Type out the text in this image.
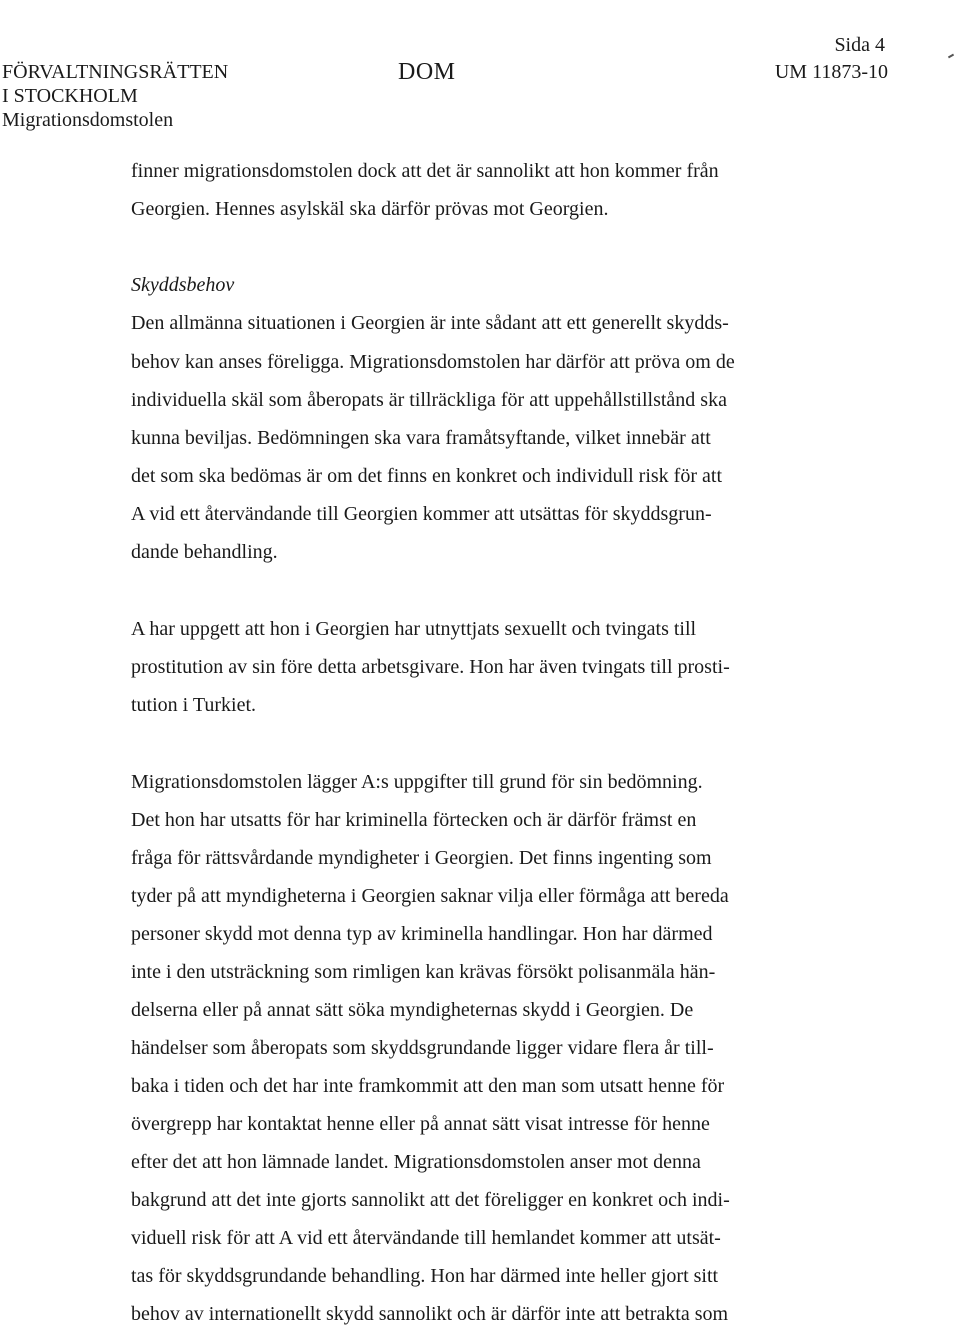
FÖRVALTNINGSRÄTTEN
I STOCKHOLM
Migrationsdomstolen
DOM
Sida 4
UM 11873-10
finner migrationsdomstolen dock att det är sannolikt att hon kommer från
Georgien. Hennes asylskäl ska därför prövas mot Georgien.
Skyddsbehov
Den allmänna situationen i Georgien är inte sådant att ett generellt skydds-
behov kan anses föreligga. Migrationsdomstolen har därför att pröva om de
individuella skäl som åberopats är tillräckliga för att uppehållstillstånd ska
kunna beviljas. Bedömningen ska vara framåtsyftande, vilket innebär att
det som ska bedömas är om det finns en konkret och individull risk för att
A vid ett återvändande till Georgien kommer att utsättas för skyddsgrun-
dande behandling.
A har uppgett att hon i Georgien har utnyttjats sexuellt och tvingats till
prostitution av sin före detta arbetsgivare. Hon har även tvingats till prosti-
tution i Turkiet.
Migrationsdomstolen lägger A:s uppgifter till grund för sin bedömning.
Det hon har utsatts för har kriminella förtecken och är därför främst en
fråga för rättsvårdande myndigheter i Georgien. Det finns ingenting som
tyder på att myndigheterna i Georgien saknar vilja eller förmåga att bereda
personer skydd mot denna typ av kriminella handlingar. Hon har därmed
inte i den utsträckning som rimligen kan krävas försökt polisanmäla hän-
delserna eller på annat sätt söka myndigheternas skydd i Georgien. De
händelser som åberopats som skyddsgrundande ligger vidare flera år till-
baka i tiden och det har inte framkommit att den man som utsatt henne för
övergrepp har kontaktat henne eller på annat sätt visat intresse för henne
efter det att hon lämnade landet. Migrationsdomstolen anser mot denna
bakgrund att det inte gjorts sannolikt att det föreligger en konkret och indi-
viduell risk för att A vid ett återvändande till hemlandet kommer att utsät-
tas för skyddsgrundande behandling. Hon har därmed inte heller gjort sitt
behov av internationellt skydd sannolikt och är därför inte att betrakta som
